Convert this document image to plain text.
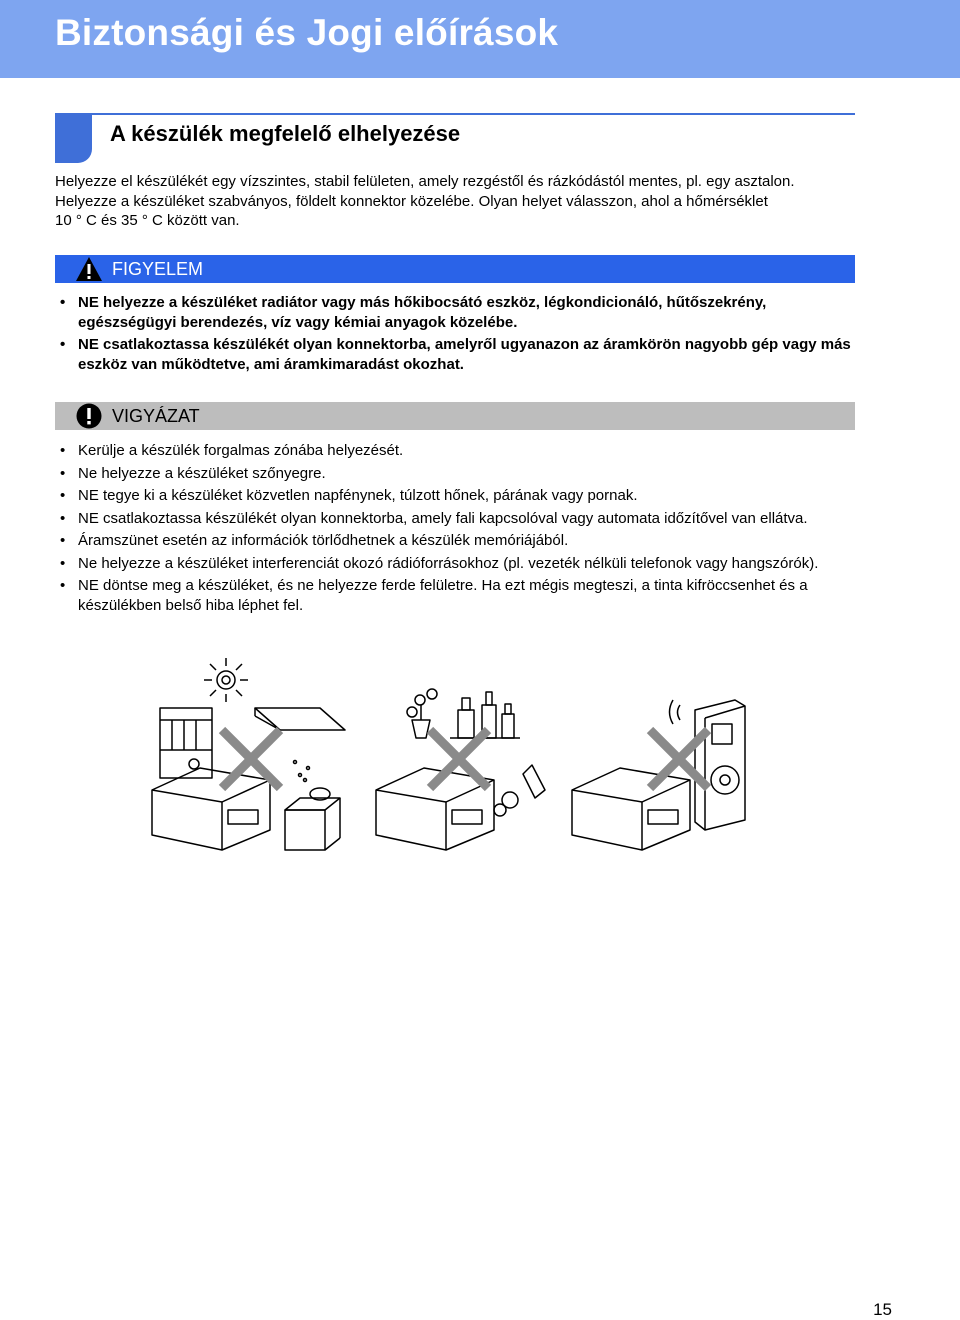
Biztonsági és Jogi előírások
A készülék megfelelő elhelyezése

Helyezze el készülékét egy vízszintes, stabil felületen, amely rezgéstől és rázkódástól mentes, pl. egy asztalon.

Helyezze a készüléket szabványos, földelt konnektor közelébe. Olyan helyet válasszon, ahol a hőmérséklet

10 ° C és 35 ° C között van.

FIGYELEM
• NE helyezze a készüléket radiátor vagy más hőkibocsátó eszköz, légkondicionáló, hűtőszekrény, egészségügyi berendezés, víz vagy kémiai anyagok közelébe.
• NE csatlakoztassa készülékét olyan konnektorba, amelyről ugyanazon az áramkörön nagyobb gép vagy más eszköz van működtetve, ami áramkimaradást okozhat.
VIGYÁZAT
• Kerülje a készülék forgalmas zónába helyezését.
• Ne helyezze a készüléket szőnyegre.
• NE tegye ki a készüléket közvetlen napfénynek, túlzott hőnek, párának vagy pornak.
• NE csatlakoztassa készülékét olyan konnektorba, amely fali kapcsolóval vagy automata időzítővel van ellátva.
• Áramszünet esetén az információk törlődhetnek a készülék memóriájából.
• Ne helyezze a készüléket interferenciát okozó rádióforrásokhoz (pl. vezeték nélküli telefonok vagy hangszórók).
• NE döntse meg a készüléket, és ne helyezze ferde felületre. Ha ezt mégis megteszi, a tinta kifröccsenhet és a készülékben belső hiba léphet fel.
15
